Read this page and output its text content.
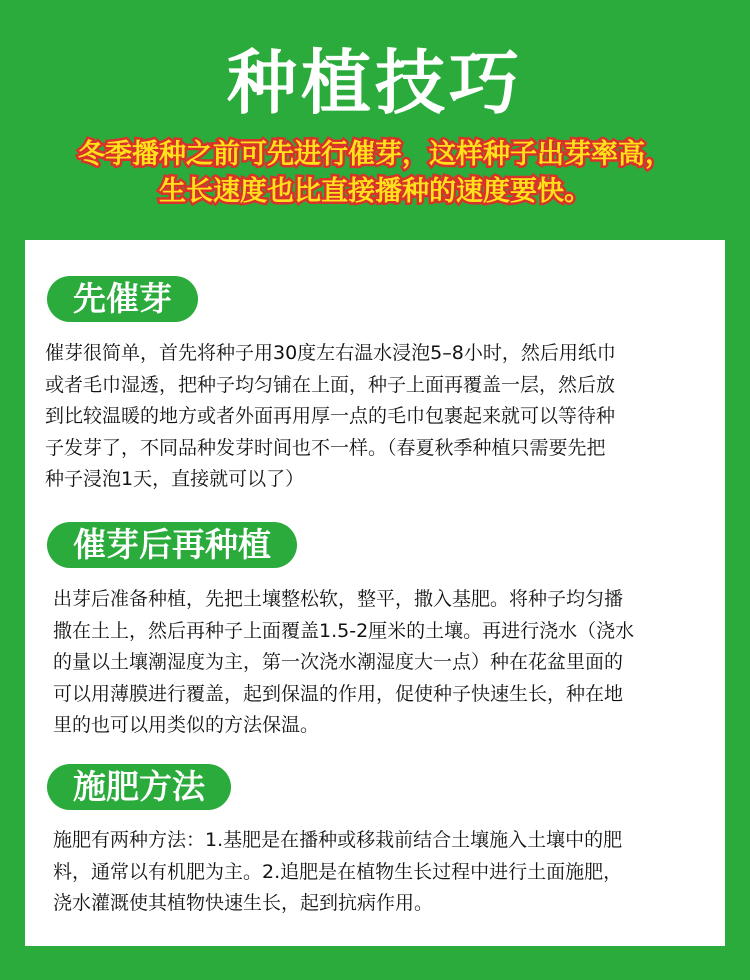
种植技巧
冬季播种之前可先进行催芽，这样种子出芽率高，
生长速度也比直接播种的速度要快。
先催芽
催芽很简单，首先将种子用30度左右温水浸泡5–8小时，然后用纸巾
或者毛巾湿透，把种子均匀铺在上面，种子上面再覆盖一层，然后放
到比较温暖的地方或者外面再用厚一点的毛巾包裹起来就可以等待种
子发芽了，不同品种发芽时间也不一样。（春夏秋季种植只需要先把
种子浸泡1天，直接就可以了）
催芽后再种植
出芽后准备种植，先把土壤整松软，整平，撒入基肥。将种子均匀播
撒在土上，然后再种子上面覆盖1.5-2厘米的土壤。再进行浇水（浇水
的量以土壤潮湿度为主，第一次浇水潮湿度大一点）种在花盆里面的
可以用薄膜进行覆盖，起到保温的作用，促使种子快速生长，种在地
里的也可以用类似的方法保温。
施肥方法
施肥有两种方法：1.基肥是在播种或移栽前结合土壤施入土壤中的肥
料，通常以有机肥为主。2.追肥是在植物生长过程中进行土面施肥，
浇水灌溉使其植物快速生长，起到抗病作用。
